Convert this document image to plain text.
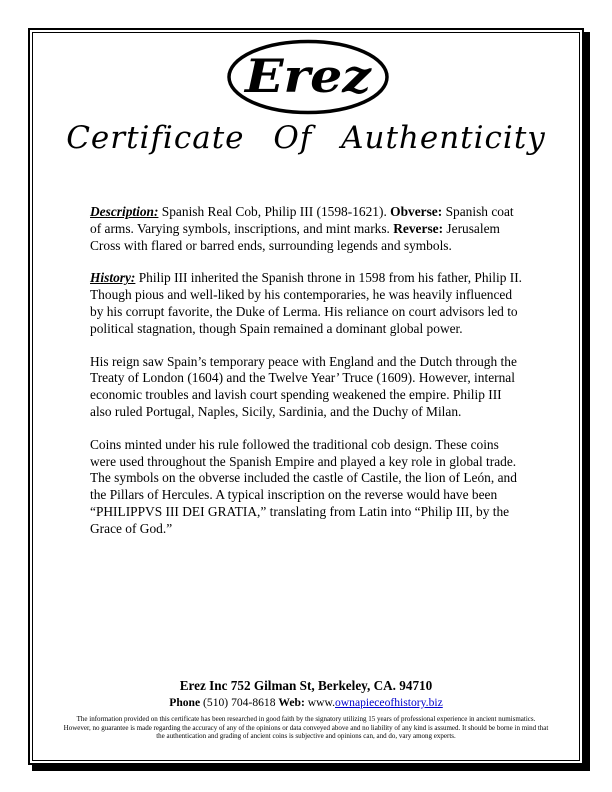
Erez
Certificate Of Authenticity

Description: Spanish Real Cob, Philip III (1598-1621). Obverse: Spanish coat of arms. Varying symbols, inscriptions, and mint marks. Reverse: Jerusalem Cross with flared or barred ends, surrounding legends and symbols.

History: Philip III inherited the Spanish throne in 1598 from his father, Philip II. Though pious and well-liked by his contemporaries, he was heavily influenced by his corrupt favorite, the Duke of Lerma. His reliance on court advisors led to political stagnation, though Spain remained a dominant global power.

His reign saw Spain’s temporary peace with England and the Dutch through the Treaty of London (1604) and the Twelve Year’ Truce (1609). However, internal economic troubles and lavish court spending weakened the empire. Philip III also ruled Portugal, Naples, Sicily, Sardinia, and the Duchy of Milan.

Coins minted under his rule followed the traditional cob design. These coins were used throughout the Spanish Empire and played a key role in global trade. The symbols on the obverse included the castle of Castile, the lion of León, and the Pillars of Hercules. A typical inscription on the reverse would have been “PHILIPPVS III DEI GRATIA,” translating from Latin into “Philip III, by the Grace of God.”

Erez Inc 752 Gilman St, Berkeley, CA. 94710
Phone (510) 704-8618 Web: www.ownapieceofhistory.biz
The information provided on this certificate has been researched in good faith by the signatory utilizing 15 years of professional experience in ancient numismatics.
However, no guarantee is made regarding the accuracy of any of the opinions or data conveyed above and no liability of any kind is assumed. It should be borne in mind that
the authentication and grading of ancient coins is subjective and opinions can, and do, vary among experts.
